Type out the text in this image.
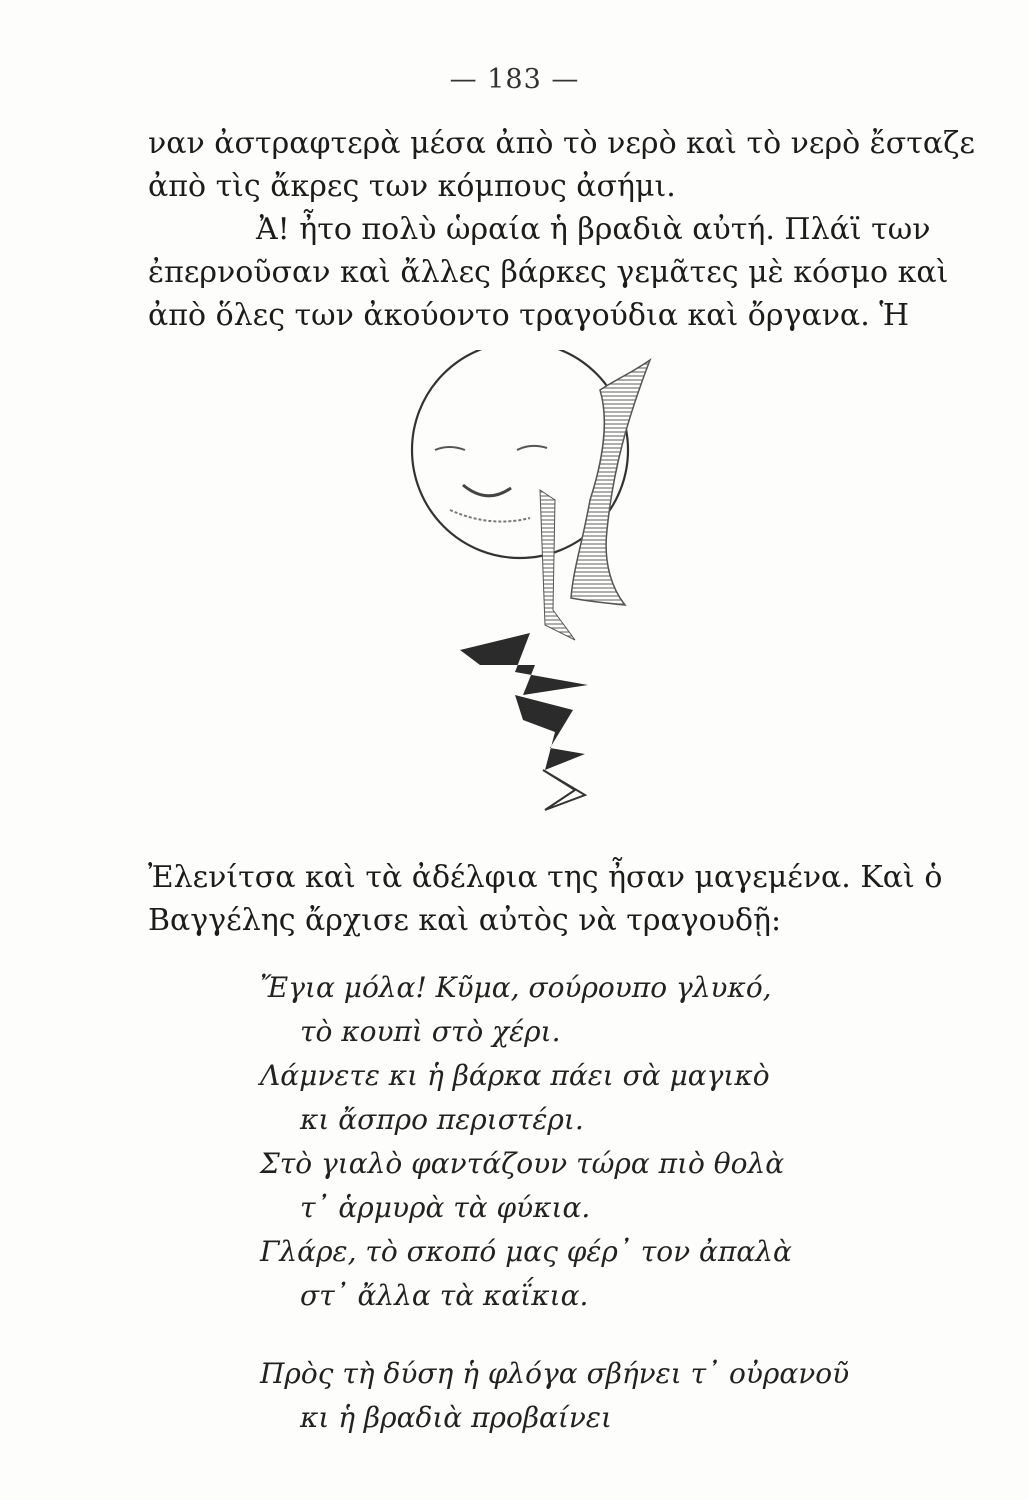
— 183 —
ναν ἀστραφτερὰ μέσα ἀπὸ τὸ νερὸ καὶ τὸ νερὸ ἔσταζε
ἀπὸ τὶς ἄκρες των κόμπους ἀσήμι.
Ἀ! ἦτο πολὺ ὡραία ἡ βραδιὰ αὐτή. Πλάϊ των
ἐπερνοῦσαν καὶ ἄλλες βάρκες γεμᾶτες μὲ κόσμο καὶ
ἀπὸ ὅλες των ἀκούοντο τραγούδια καὶ ὄργανα. Ἡ
Ἐλενίτσα καὶ τὰ ἀδέλφια της ἦσαν μαγεμένα. Καὶ ὁ
Βαγγέλης ἄρχισε καὶ αὐτὸς νὰ τραγουδῇ:
Ἔγια μόλα! Κῦμα, σούρουπο γλυκό,
τὸ κουπὶ στὸ χέρι.
Λάμνετε κι ἡ βάρκα πάει σὰ μαγικὸ
κι ἄσπρο περιστέρι.
Στὸ γιαλὸ φαντάζουν τώρα πιὸ θολὰ
τ᾽ ἁρμυρὰ τὰ φύκια.
Γλάρε, τὸ σκοπό μας φέρ᾽ τον ἀπαλὰ
στ᾽ ἄλλα τὰ καΐκια.
Πρὸς τὴ δύση ἡ φλόγα σβήνει τ᾽ οὐρανοῦ
κι ἡ βραδιὰ προβαίνει
